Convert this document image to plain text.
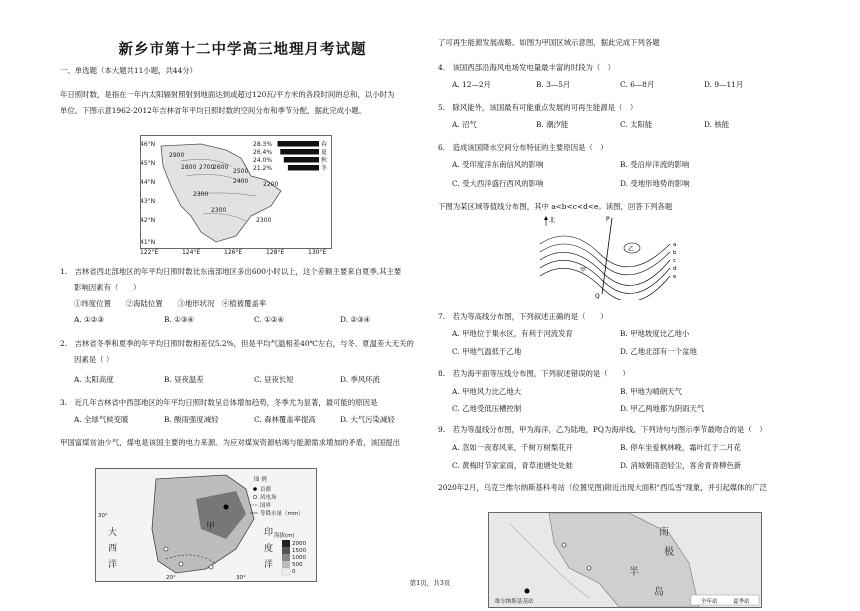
新乡市第十二中学高三地理月考试题
一、单选题（本大题共11小题，共44分）
年日照时数，是指在一年内太阳辐射照射到地面达到或超过120瓦/平方米的各段时间的总和，以小时为
单位。下图示意1962-2012年吉林省年平均日照时数的空间分布和季节分配，据此完成小题。
46°N
45°N
44°N
43°N
42°N
41°N
2900
2800 2700
2600
2500
2400
2300
2200
2300
2300
28.3%
26.4%
24.0%
21.2%
春
夏
秋
冬
122°E	124°E	126°E	128°E	130°E
1.　吉林省西北部地区的年平均日照时数比东南部地区多出600小时以上，这个差额主要来自夏季,其主要
影响因素有（　　）
①纬度位置　　②海陆位置　　③地形状况　④植被覆盖率
A. ①②③	B. ①③④	C. ①②④	D. ②③④
2.　吉林省冬季和夏季的年平均日照时数相差仅5.2%，但是平均气温相差40℃左右，与冬、夏温差大无关的
因素是（ ）
A. 太阳高度	B. 昼夜温差	C. 昼夜长短	D. 季风环流
3.　近几年吉林省中西部地区的年平均日照时数呈总体增加趋势，冬季尤为显著，最可能的原因是
A. 全球气候变暖	B. 酸雨强度减轻	C. 森林覆盖率提高	D. 大气污染减轻
甲国富煤贫油少气，煤电是该国主要的电力来源。为应对煤炭资源枯竭与能源需求增加的矛盾，该国提出
大
西
洋
印
度
洋
甲
图 例
首都
风电场
国界
等降水量（mm）
海拔(m)
2000
1500
1000
500
0
30°
20°	30°
了可再生能源发展战略。如图为甲国区域示意图，据此完成下列各题
4.　该国西部沿海风电场发电量最丰富的时段为（　）
A. 12—2月	B. 3—5月	C. 6—8月	D. 9—11月
5.　除风能外，该国最有可能重点发展的可再生能源是（　）
A. 沼气	B. 潮汐能	C. 太阳能	D. 核能
6.　造成该国降水空间分布特征的主要原因是（　）
A. 受印度洋东南信风的影响	B. 受沿岸洋流的影响
C. 受大西洋盛行西风的影响	D. 受地形地势的影响
下图为某区域等值线分布图，其中 a<b<c<d<e。读图，回答下列各题
北	P
Q
乙
甲
a
b
c
d
e
7.　若为等高线分布图，下列叙述正确的是（　　）
A. 甲地位于集水区，有利于河流发育	B. 甲地坡度比乙地小
C. 甲地气温低于乙地	D. 乙地北部有一个盆地
8.　若为海平面等压线分布图，下列叙述错误的是（　　）
A. 甲地风力比乙地大	B. 甲地为晴朗天气
C. 乙地受低压槽控制	D. 甲乙两地都为阴雨天气
9.　若为等温线分布图，甲为海洋，乙为陆地，PQ为海岸线，下列诗句与图示季节最吻合的是（　）
A. 忽如一夜春风来，千树万树梨花开	B. 停车坐爱枫林晚，霜叶红于二月花
C. 黄梅时节家家雨，青草池塘处处蛙	D. 消城朝雨浥轻尘，客舍青青柳色新
2020年2月，乌克兰维尔纳斯基科考站（位置见图)附近出现大面积"西瓜雪"现象，并引起媒体的广泛
南
极
半
岛
维尔纳斯基基站	全年站	夏季站
第1页，共3页
